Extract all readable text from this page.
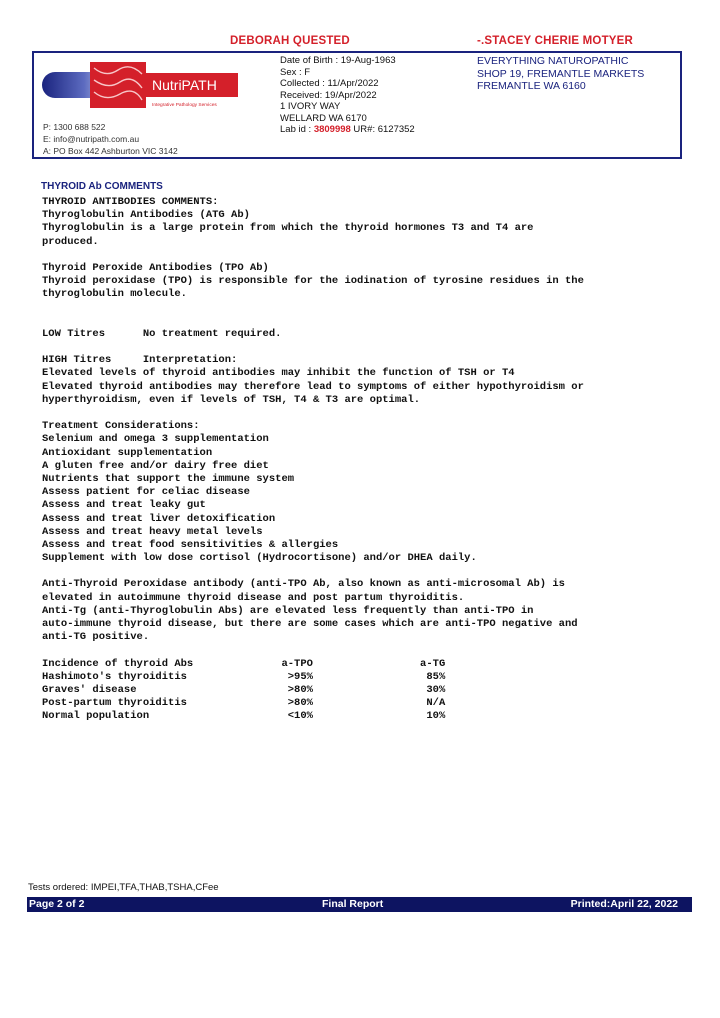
DEBORAH QUESTED	-.STACEY CHERIE MOTYER
NutriPATH
Integrative Pathology Services
P: 1300 688 522
E: info@nutripath.com.au
A: PO Box 442 Ashburton VIC 3142
Date of Birth : 19-Aug-1963
Sex : F
Collected : 11/Apr/2022
Received: 19/Apr/2022
1 IVORY WAY
WELLARD WA 6170
Lab id : 3809998 UR#: 6127352
EVERYTHING NATUROPATHIC
SHOP 19, FREMANTLE MARKETS
FREMANTLE WA 6160
THYROID Ab COMMENTS
THYROID ANTIBODIES COMMENTS:
Thyroglobulin Antibodies (ATG Ab)
Thyroglobulin is a large protein from which the thyroid hormones T3 and T4 are
produced.
Thyroid Peroxide Antibodies (TPO Ab)
Thyroid peroxidase (TPO) is responsible for the iodination of tyrosine residues in the
thyroglobulin molecule.
LOW Titres      No treatment required.
HIGH Titres     Interpretation:
Elevated levels of thyroid antibodies may inhibit the function of TSH or T4
Elevated thyroid antibodies may therefore lead to symptoms of either hypothyroidism or
hyperthyroidism, even if levels of TSH, T4 & T3 are optimal.
Treatment Considerations:
Selenium and omega 3 supplementation
Antioxidant supplementation
A gluten free and/or dairy free diet
Nutrients that support the immune system
Assess patient for celiac disease
Assess and treat leaky gut
Assess and treat liver detoxification
Assess and treat heavy metal levels
Assess and treat food sensitivities & allergies
Supplement with low dose cortisol (Hydrocortisone) and/or DHEA daily.
Anti-Thyroid Peroxidase antibody (anti-TPO Ab, also known as anti-microsomal Ab) is
elevated in autoimmune thyroid disease and post partum thyroiditis.
Anti-Tg (anti-Thyroglobulin Abs) are elevated less frequently than anti-TPO in
auto-immune thyroid disease, but there are some cases which are anti-TPO negative and
anti-TG positive.
Incidence of thyroid Abs              a-TPO                 a-TG
Hashimoto's thyroiditis                >95%                  85%
Graves' disease                        >80%                  30%
Post-partum thyroiditis                >80%                  N/A
Normal population                      <10%                  10%
Tests ordered: IMPEI,TFA,THAB,TSHA,CFee
Page 2 of 2	Final Report	Printed:April 22, 2022
